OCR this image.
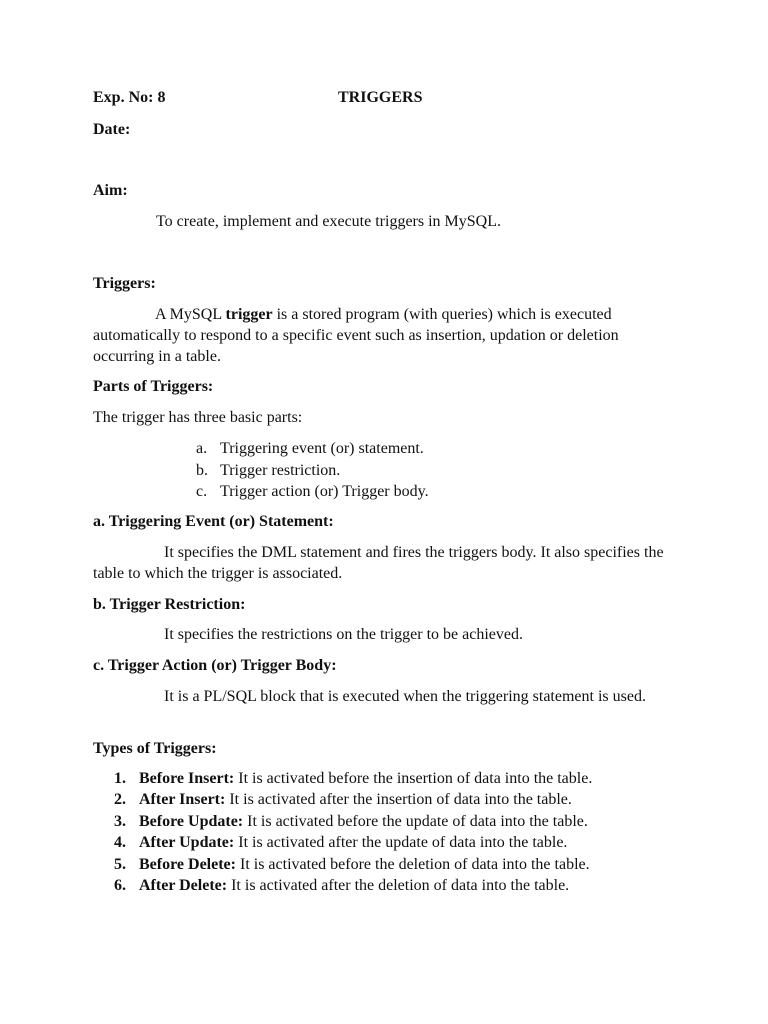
Exp. No: 8	TRIGGERS
Date:
Aim:
To create, implement and execute triggers in MySQL.
Triggers:
A MySQL trigger is a stored program (with queries) which is executed automatically to respond to a specific event such as insertion, updation or deletion occurring in a table.
Parts of Triggers:
The trigger has three basic parts:
a. Triggering event (or) statement.
b. Trigger restriction.
c. Trigger action (or) Trigger body.
a. Triggering Event (or) Statement:
It specifies the DML statement and fires the triggers body. It also specifies the table to which the trigger is associated.
b. Trigger Restriction:
It specifies the restrictions on the trigger to be achieved.
c. Trigger Action (or) Trigger Body:
It is a PL/SQL block that is executed when the triggering statement is used.
Types of Triggers:
1. Before Insert: It is activated before the insertion of data into the table.
2. After Insert: It is activated after the insertion of data into the table.
3. Before Update: It is activated before the update of data into the table.
4. After Update: It is activated after the update of data into the table.
5. Before Delete: It is activated before the deletion of data into the table.
6. After Delete: It is activated after the deletion of data into the table.
